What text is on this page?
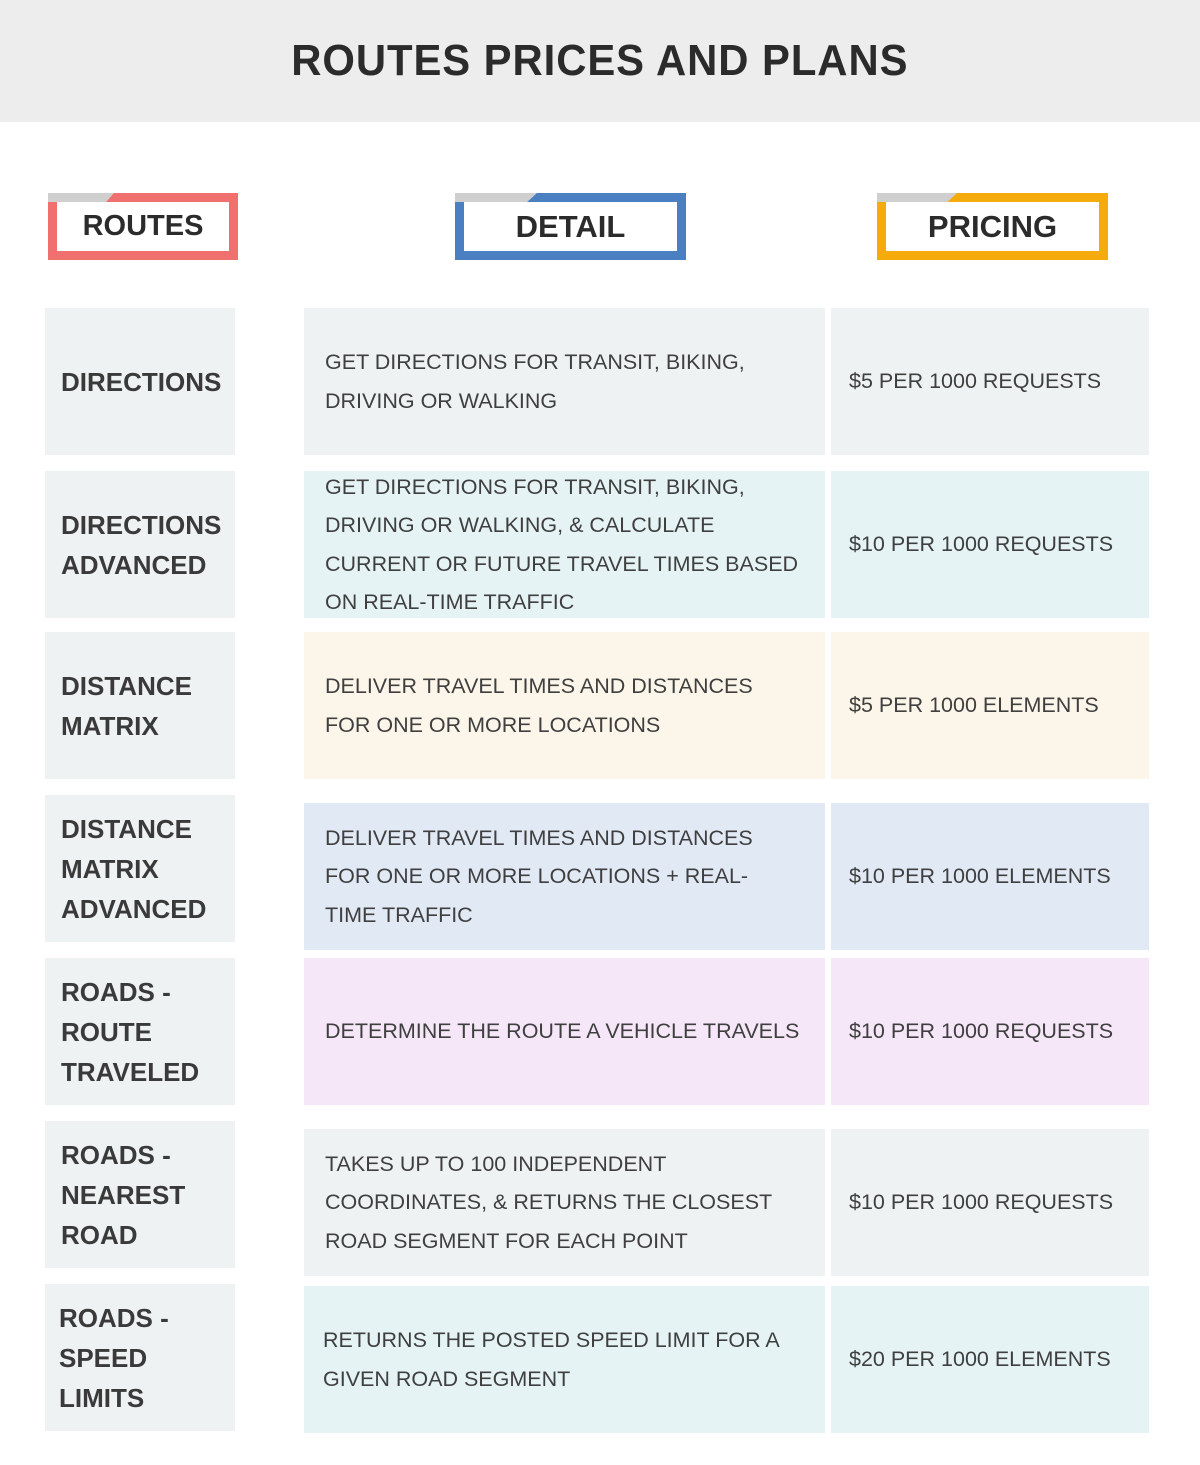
ROUTES PRICES AND PLANS
ROUTES	DETAIL	PRICING
DIRECTIONS
GET DIRECTIONS FOR TRANSIT, BIKING, DRIVING OR WALKING
$5 PER 1000 REQUESTS
DIRECTIONS ADVANCED
GET DIRECTIONS FOR TRANSIT, BIKING, DRIVING OR WALKING, & CALCULATE CURRENT OR FUTURE TRAVEL TIMES BASED ON REAL-TIME TRAFFIC
$10 PER 1000 REQUESTS
DISTANCE MATRIX
DELIVER TRAVEL TIMES AND DISTANCES FOR ONE OR MORE LOCATIONS
$5 PER 1000 ELEMENTS
DISTANCE MATRIX ADVANCED
DELIVER TRAVEL TIMES AND DISTANCES FOR ONE OR MORE LOCATIONS + REAL-TIME TRAFFIC
$10 PER 1000 ELEMENTS
ROADS - ROUTE TRAVELED
DETERMINE THE ROUTE A VEHICLE TRAVELS $10 PER 1000 REQUESTS
ROADS - NEAREST ROAD
TAKES UP TO 100 INDEPENDENT COORDINATES, & RETURNS THE CLOSEST ROAD SEGMENT FOR EACH POINT
$10 PER 1000 REQUESTS
ROADS - SPEED LIMITS
RETURNS THE POSTED SPEED LIMIT FOR A GIVEN ROAD SEGMENT
$20 PER 1000 ELEMENTS
